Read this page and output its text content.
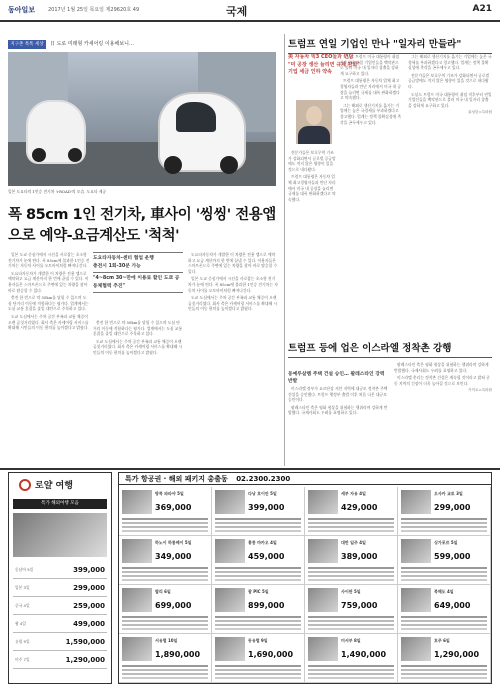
동아일보	2017년 1월 25일 목요일 제29620호 49	국제	A21
지구촌 톡톡 세상	日 도로 미래형 카셰어링 이용해보니…
일본 도요타의 1인승 전기차 'i-ROAD'의 모습. 도요타 제공
폭 85cm 1인 전기차, 車사이 '씽씽' 전용앱으로 예약-요금계산도 '척척'

일본 도쿄 중심가에서 시선을 사로잡는 초소형 전기차가 눈에 띈다. 폭 85cm에 불과한 1인승 전기차는 자동차 사이를 오토바이처럼 빠져나간다.

도요타자동차가 개발한 이 차량은 전용 앱으로 예약하고 요금 계산까지 한 번에 끝낼 수 있다. 이용자들은 스마트폰으로 주변에 있는 차량을 찾아 바로 탑승할 수 있다.

충전 한 번으로 약 50km를 달릴 수 있으며 도심 단거리 이동에 적합하다는 평가다. 업계에서는 도심 교통 혼잡을 줄일 대안으로 주목하고 있다.

도쿄 도심에서는 주차 공간 부족과 교통 체증이 오랜 골칫거리였다. 회사 측은 카셰어링 서비스를 확대해 시민들의 이동 편의를 높이겠다고 밝혔다.

도요타자동차-센터 협업 운행
충전시 1회-30분 가능
"4~8cm 30~만에 이용료 할인 도쿄 공동체협력 추진"

충전 한 번으로 약 50km를 달릴 수 있으며 도심 단거리 이동에 적합하다는 평가다. 업계에서는 도심 교통 혼잡을 줄일 대안으로 주목하고 있다.

도쿄 도심에서는 주차 공간 부족과 교통 체증이 오랜 골칫거리였다. 회사 측은 카셰어링 서비스를 확대해 시민들의 이동 편의를 높이겠다고 밝혔다.

도요타자동차가 개발한 이 차량은 전용 앱으로 예약하고 요금 계산까지 한 번에 끝낼 수 있다. 이용자들은 스마트폰으로 주변에 있는 차량을 찾아 바로 탑승할 수 있다.

일본 도쿄 중심가에서 시선을 사로잡는 초소형 전기차가 눈에 띈다. 폭 85cm에 불과한 1인승 전기차는 자동차 사이를 오토바이처럼 빠져나간다.

도쿄 도심에서는 주차 공간 부족과 교통 체증이 오랜 골칫거리였다. 회사 측은 카셰어링 서비스를 확대해 시민들의 이동 편의를 높이겠다고 밝혔다.

트럼프 연일 기업인 만나 "일자리 만들라"
美 자동차 빅3 CEO들과 면담
"미 공장 생산 늘리면 규제 완화"
기업 세금 인하 약속

도널드 트럼프 미국 대통령이 취임 직후부터 연일 기업인들을 백악관으로 불러 미국 내 일자리 창출을 강하게 요구하고 있다.

트럼프 대통령은 자동차 업체 최고경영자들과 만난 자리에서 미국 내 공장을 늘리면 규제를 대폭 완화하겠다고 약속했다.

그는 해외로 생산기지를 옮기는 기업에는 높은 국경세를 부과하겠다고 경고했다. 업계는 정책 불확실성에 촉각을 곤두세우고 있다.

전문가들은 보호무역 기조가 강화되면서 글로벌 공급망에도 적지 않은 영향이 있을 것으로 내다봤다.

트럼프 대통령은 자동차 업체 최고경영자들과 만난 자리에서 미국 내 공장을 늘리면 규제를 대폭 완화하겠다고 약속했다.

그는 해외로 생산기지를 옮기는 기업에는 높은 국경세를 부과하겠다고 경고했다. 업계는 정책 불확실성에 촉각을 곤두세우고 있다.

전문가들은 보호무역 기조가 강화되면서 글로벌 공급망에도 적지 않은 영향이 있을 것으로 내다봤다.

도널드 트럼프 미국 대통령이 취임 직후부터 연일 기업인들을 백악관으로 불러 미국 내 일자리 창출을 강하게 요구하고 있다.

워싱턴=특파원
트럼프 등에 업은 이스라엘 정착촌 강행
동예루살렘 주택 건설 승인… 팔레스타인 강력 반발

이스라엘 정부가 요르단강 서안 지역에 대규모 정착촌 주택 건설을 승인했다. 트럼프 행정부 출범 이후 처음 나온 대규모 승인이다.

팔레스타인 측은 평화 협상을 위협하는 행위라며 강하게 반발했다. 국제사회도 우려를 표명하고 있다.

팔레스타인 측은 평화 협상을 위협하는 행위라며 강하게 반발했다. 국제사회도 우려를 표명하고 있다.

이스라엘 총리는 정착촌 건설은 계속될 것이라고 밝혀 중동 지역의 긴장이 더욱 높아질 것으로 보인다.

카이로=특파원
로얄 여행
특가 해외여행 모음
동남아 5일	399,000
일본 3일	299,000
중국 4일	259,000
괌 4일	499,000
유럽 9일	1,590,000
미주 7일	1,290,000
특가 항공권 · 해외 패키지 총출동 02.2300.2300
방콕 파타야 5일
369,000
다낭 호이안 5일
399,000
세부 자유 4일
429,000
오사카 교토 3일
299,000
하노이 하롱베이 5일
349,000
홍콩 마카오 4일
459,000
대만 일주 4일
389,000
싱가포르 5일
599,000
발리 6일
699,000
괌 PIC 5일
899,000
사이판 5일
759,000
북해도 4일
649,000
서유럽 10일
1,890,000
동유럽 9일
1,690,000
미서부 8일
1,490,000
호주 6일
1,290,000
